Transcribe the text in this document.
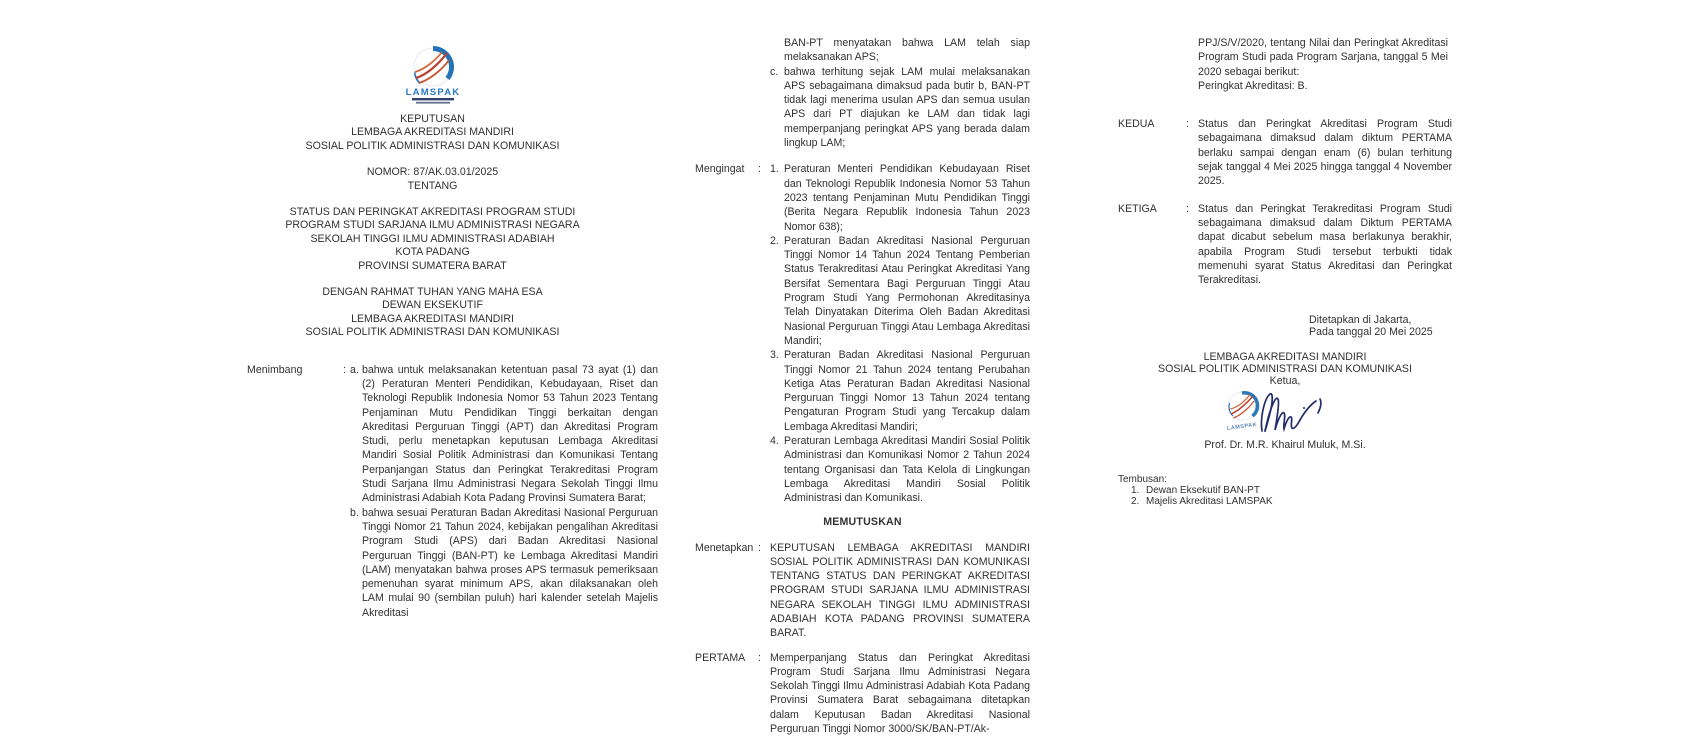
LAMSPAK
KEPUTUSAN
LEMBAGA AKREDITASI MANDIRI
SOSIAL POLITIK ADMINISTRASI DAN KOMUNIKASI
NOMOR: 87/AK.03.01/2025
TENTANG
STATUS DAN PERINGKAT AKREDITASI PROGRAM STUDI
PROGRAM STUDI SARJANA ILMU ADMINISTRASI NEGARA
SEKOLAH TINGGI ILMU ADMINISTRASI ADABIAH
KOTA PADANG
PROVINSI SUMATERA BARAT
DENGAN RAHMAT TUHAN YANG MAHA ESA
DEWAN EKSEKUTIF
LEMBAGA AKREDITASI MANDIRI
SOSIAL POLITIK ADMINISTRASI DAN KOMUNIKASI
Menimbang	: a. bahwa untuk melaksanakan ketentuan pasal 73 ayat (1) dan (2) Peraturan Menteri Pendidikan, Kebudayaan, Riset dan Teknologi Republik Indonesia Nomor 53 Tahun 2023 Tentang Penjaminan Mutu Pendidikan Tinggi berkaitan dengan Akreditasi Perguruan Tinggi (APT) dan Akreditasi Program Studi, perlu menetapkan keputusan Lembaga Akreditasi Mandiri Sosial Politik Administrasi dan Komunikasi Tentang Perpanjangan Status dan Peringkat Terakreditasi Program Studi Sarjana Ilmu Administrasi Negara Sekolah Tinggi Ilmu Administrasi Adabiah Kota Padang Provinsi Sumatera Barat;
b. bahwa sesuai Peraturan Badan Akreditasi Nasional Perguruan Tinggi Nomor 21 Tahun 2024, kebijakan pengalihan Akreditasi Program Studi (APS) dari Badan Akreditasi Nasional Perguruan Tinggi (BAN-PT) ke Lembaga Akreditasi Mandiri (LAM) menyatakan bahwa proses APS termasuk pemeriksaan pemenuhan syarat minimum APS, akan dilaksanakan oleh LAM mulai 90 (sembilan puluh) hari kalender setelah Majelis Akreditasi
BAN-PT menyatakan bahwa LAM telah siap melaksanakan APS;
c. bahwa terhitung sejak LAM mulai melaksanakan APS sebagaimana dimaksud pada butir b, BAN-PT tidak lagi menerima usulan APS dan semua usulan APS dari PT diajukan ke LAM dan tidak lagi memperpanjang peringkat APS yang berada dalam lingkup LAM;
Mengingat	: 1. Peraturan Menteri Pendidikan Kebudayaan Riset dan Teknologi Republik Indonesia Nomor 53 Tahun 2023 tentang Penjaminan Mutu Pendidikan Tinggi (Berita Negara Republik Indonesia Tahun 2023 Nomor 638);
2. Peraturan Badan Akreditasi Nasional Perguruan Tinggi Nomor 14 Tahun 2024 Tentang Pemberian Status Terakreditasi Atau Peringkat Akreditasi Yang Bersifat Sementara Bagi Perguruan Tinggi Atau Program Studi Yang Permohonan Akreditasinya Telah Dinyatakan Diterima Oleh Badan Akreditasi Nasional Perguruan Tinggi Atau Lembaga Akreditasi Mandiri;
3. Peraturan Badan Akreditasi Nasional Perguruan Tinggi Nomor 21 Tahun 2024 tentang Perubahan Ketiga Atas Peraturan Badan Akreditasi Nasional Perguruan Tinggi Nomor 13 Tahun 2024 tentang Pengaturan Program Studi yang Tercakup dalam Lembaga Akreditasi Mandiri;
4. Peraturan Lembaga Akreditasi Mandiri Sosial Politik Administrasi dan Komunikasi Nomor 2 Tahun 2024 tentang Organisasi dan Tata Kelola di Lingkungan Lembaga Akreditasi Mandiri Sosial Politik Administrasi dan Komunikasi.
MEMUTUSKAN
Menetapkan : KEPUTUSAN LEMBAGA AKREDITASI MANDIRI SOSIAL POLITIK ADMINISTRASI DAN KOMUNIKASI TENTANG STATUS DAN PERINGKAT AKREDITASI PROGRAM STUDI SARJANA ILMU ADMINISTRASI NEGARA SEKOLAH TINGGI ILMU ADMINISTRASI ADABIAH KOTA PADANG PROVINSI SUMATERA BARAT.
PERTAMA	: Memperpanjang Status dan Peringkat Akreditasi Program Studi Sarjana Ilmu Administrasi Negara Sekolah Tinggi Ilmu Administrasi Adabiah Kota Padang Provinsi Sumatera Barat sebagaimana ditetapkan dalam Keputusan Badan Akreditasi Nasional Perguruan Tinggi Nomor 3000/SK/BAN-PT/Ak-
PPJ/S/V/2020, tentang Nilai dan Peringkat Akreditasi Program Studi pada Program Sarjana, tanggal 5 Mei 2020 sebagai berikut:
Peringkat Akreditasi: B.
KEDUA	: Status dan Peringkat Akreditasi Program Studi sebagaimana dimaksud dalam diktum PERTAMA berlaku sampai dengan enam (6) bulan terhitung sejak tanggal 4 Mei 2025 hingga tanggal 4 November 2025.
KETIGA	: Status dan Peringkat Terakreditasi Program Studi sebagaimana dimaksud dalam Diktum PERTAMA dapat dicabut sebelum masa berlakunya berakhir, apabila Program Studi tersebut terbukti tidak memenuhi syarat Status Akreditasi dan Peringkat Terakreditasi.
Ditetapkan di Jakarta,
Pada tanggal 20 Mei 2025
LEMBAGA AKREDITASI MANDIRI
SOSIAL POLITIK ADMINISTRASI DAN KOMUNIKASI
Ketua,
LAMSPAK
Prof. Dr. M.R. Khairul Muluk, M.Si.
Tembusan:
1. Dewan Eksekutif BAN-PT
2. Majelis Akreditasi LAMSPAK
